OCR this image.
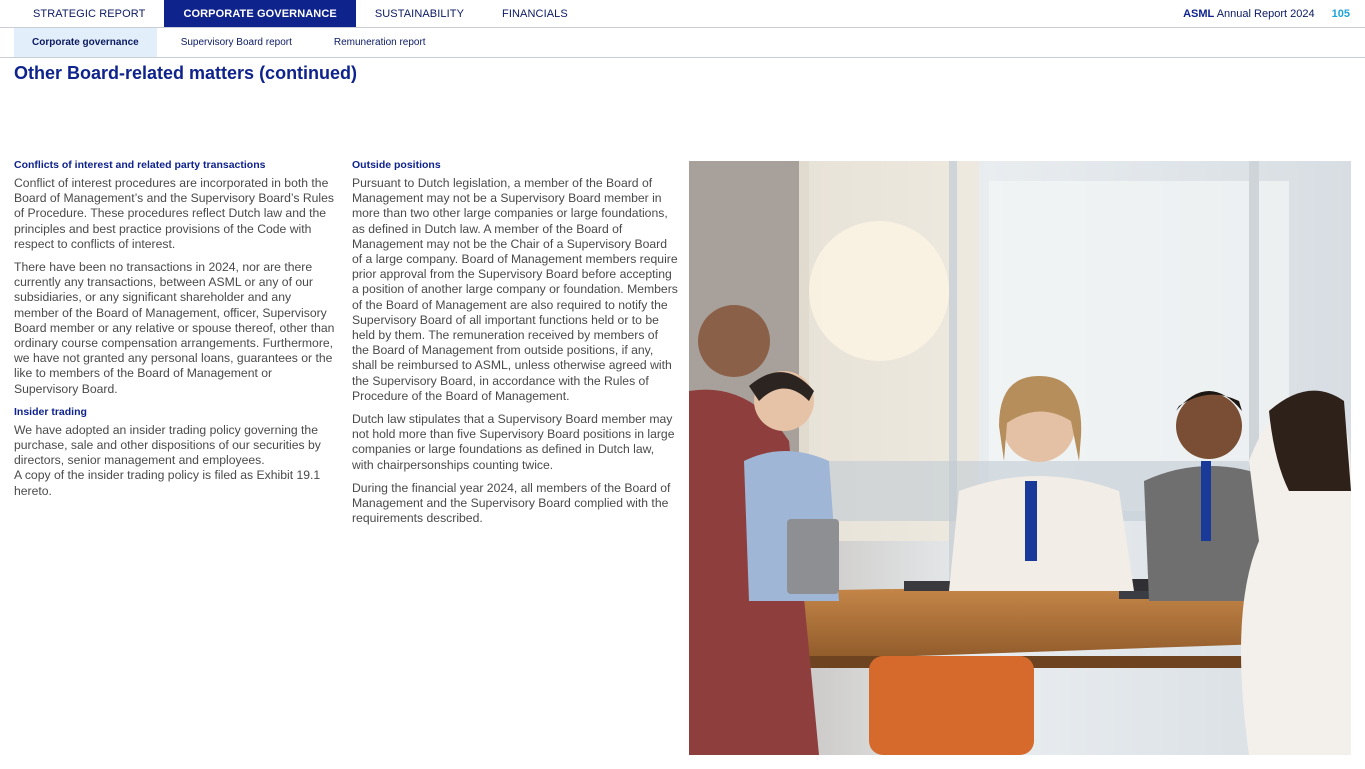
STRATEGIC REPORT	CORPORATE GOVERNANCE	SUSTAINABILITY	FINANCIALS	ASML Annual Report 2024 105
Corporate governance	Supervisory Board report	Remuneration report
Other Board-related matters (continued)
Conflicts of interest and related party transactions

Conflict of interest procedures are incorporated in both the Board of Management’s and the Supervisory Board’s Rules of Procedure. These procedures reflect Dutch law and the principles and best practice provisions of the Code with respect to conflicts of interest.

There have been no transactions in 2024, nor are there currently any transactions, between ASML or any of our subsidiaries, or any significant shareholder and any member of the Board of Management, officer, Supervisory Board member or any relative or spouse thereof, other than ordinary course compensation arrangements. Furthermore, we have not granted any personal loans, guarantees or the like to members of the Board of Management or Supervisory Board.

Insider trading

We have adopted an insider trading policy governing the purchase, sale and other dispositions of our securities by directors, senior management and employees.
A copy of the insider trading policy is filed as Exhibit 19.1 hereto.

Outside positions

Pursuant to Dutch legislation, a member of the Board of Management may not be a Supervisory Board member in more than two other large companies or large foundations, as defined in Dutch law. A member of the Board of Management may not be the Chair of a Supervisory Board of a large company. Board of Management members require prior approval from the Supervisory Board before accepting a position of another large company or foundation. Members of the Board of Management are also required to notify the Supervisory Board of all important functions held or to be held by them. The remuneration received by members of the Board of Management from outside positions, if any, shall be reimbursed to ASML, unless otherwise agreed with the Supervisory Board, in accordance with the Rules of Procedure of the Board of Management.

Dutch law stipulates that a Supervisory Board member may not hold more than five Supervisory Board positions in large companies or large foundations as defined in Dutch law, with chairpersonships counting twice.

During the financial year 2024, all members of the Board of Management and the Supervisory Board complied with the requirements described.
